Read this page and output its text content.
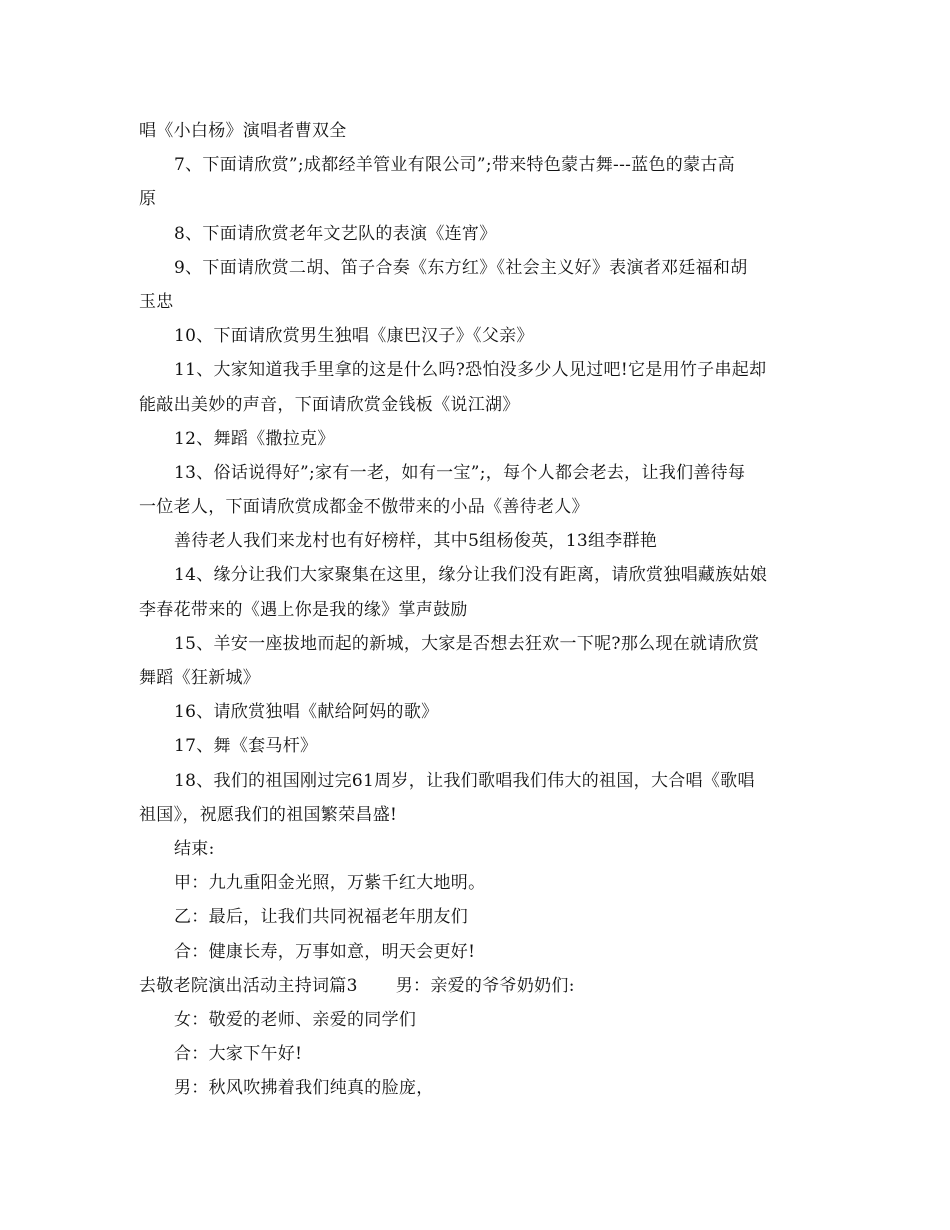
唱《小白杨》演唱者曹双全
7、下面请欣赏”;成都经羊管业有限公司”;带来特色蒙古舞---蓝色的蒙古高
原
8、下面请欣赏老年文艺队的表演《连宵》
9、下面请欣赏二胡、笛子合奏《东方红》《社会主义好》表演者邓廷福和胡
玉忠
10、下面请欣赏男生独唱《康巴汉子》《父亲》
11、大家知道我手里拿的这是什么吗?恐怕没多少人见过吧!它是用竹子串起却
能敲出美妙的声音，下面请欣赏金钱板《说江湖》
12、舞蹈《撒拉克》
13、俗话说得好”;家有一老，如有一宝”;，每个人都会老去，让我们善待每
一位老人，下面请欣赏成都金不傲带来的小品《善待老人》
善待老人我们来龙村也有好榜样，其中5组杨俊英，13组李群艳
14、缘分让我们大家聚集在这里，缘分让我们没有距离，请欣赏独唱藏族姑娘
李春花带来的《遇上你是我的缘》掌声鼓励
15、羊安一座拔地而起的新城，大家是否想去狂欢一下呢?那么现在就请欣赏
舞蹈《狂新城》
16、请欣赏独唱《献给阿妈的歌》
17、舞《套马杆》
18、我们的祖国刚过完61周岁，让我们歌唱我们伟大的祖国，大合唱《歌唱
祖国》，祝愿我们的祖国繁荣昌盛!
结束:
甲：九九重阳金光照，万紫千红大地明。
乙：最后，让我们共同祝福老年朋友们
合：健康长寿，万事如意，明天会更好!
去敬老院演出活动主持词篇3 男：亲爱的爷爷奶奶们:
女：敬爱的老师、亲爱的同学们
合：大家下午好!
男：秋风吹拂着我们纯真的脸庞，
